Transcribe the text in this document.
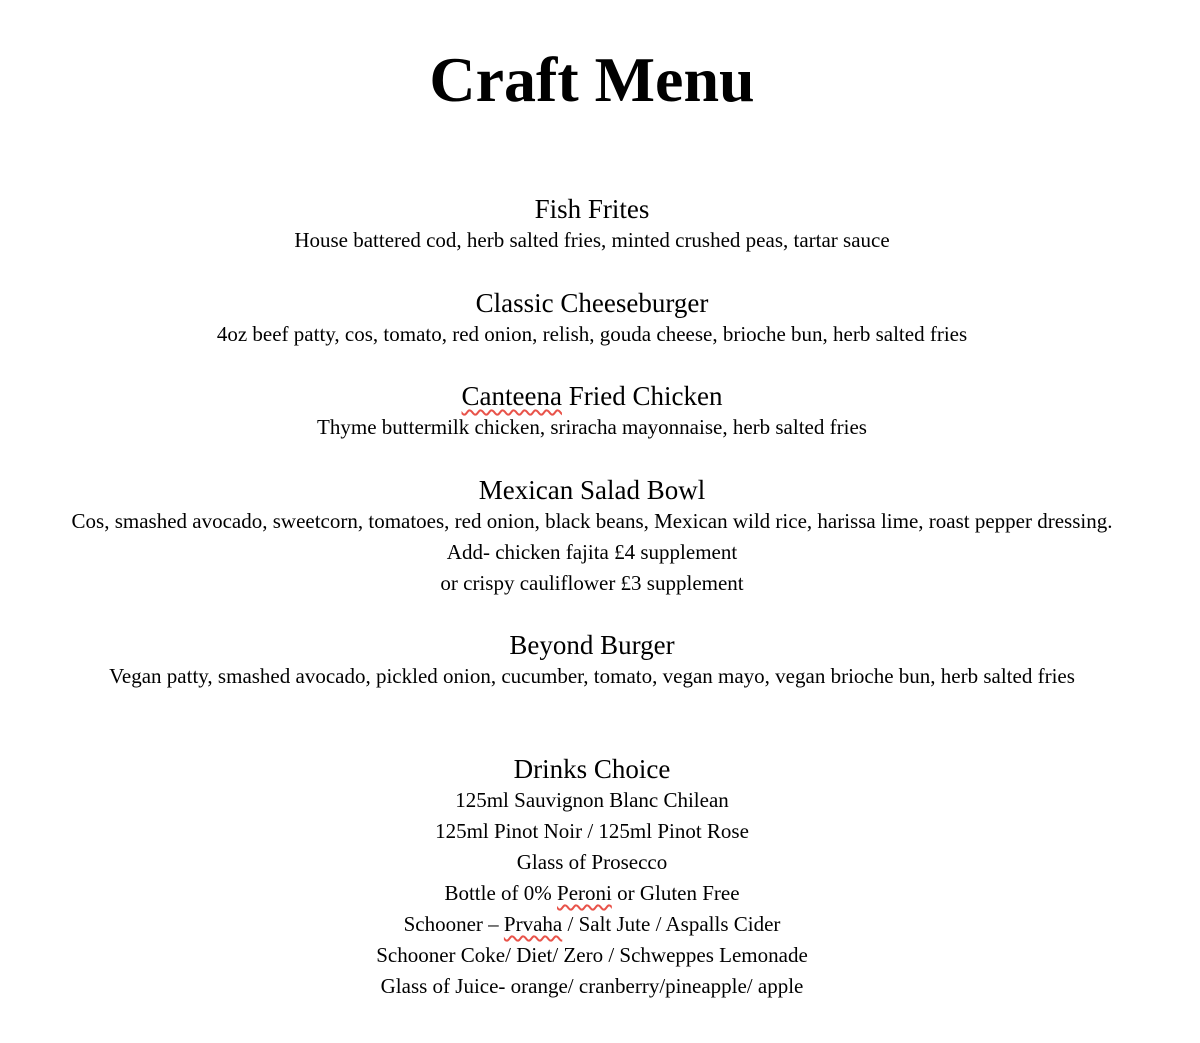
Craft Menu

Fish Frites

House battered cod, herb salted fries, minted crushed peas, tartar sauce

Classic Cheeseburger

4oz beef patty, cos, tomato, red onion, relish, gouda cheese, brioche bun, herb salted fries

Canteena Fried Chicken

Thyme buttermilk chicken, sriracha mayonnaise, herb salted fries

Mexican Salad Bowl

Cos, smashed avocado, sweetcorn, tomatoes, red onion, black beans, Mexican wild rice, harissa lime, roast pepper dressing.

Add- chicken fajita £4 supplement

or crispy cauliflower £3 supplement

Beyond Burger

Vegan patty, smashed avocado, pickled onion, cucumber, tomato, vegan mayo, vegan brioche bun, herb salted fries

Drinks Choice

125ml Sauvignon Blanc Chilean

125ml Pinot Noir / 125ml Pinot Rose

Glass of Prosecco

Bottle of 0% Peroni or Gluten Free

Schooner – Prvaha / Salt Jute / Aspalls Cider

Schooner Coke/ Diet/ Zero / Schweppes Lemonade

Glass of Juice- orange/ cranberry/pineapple/ apple
